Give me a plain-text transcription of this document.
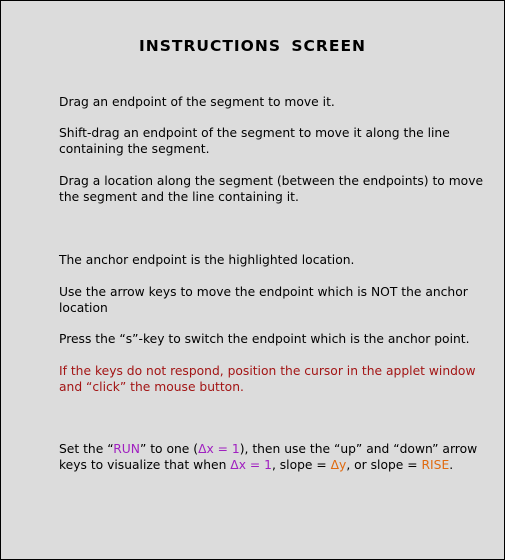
INSTRUCTIONS SCREEN
Drag an endpoint of the segment to move it.
Shift-drag an endpoint of the segment to move it along the line containing the segment.
Drag a location along the segment (between the endpoints) to move the segment and the line containing it.
The anchor endpoint is the highlighted location.
Use the arrow keys to move the endpoint which is NOT the anchor location
Press the “s”-key to switch the endpoint which is the anchor point.
If the keys do not respond, position the cursor in the applet window and “click” the mouse button.
Set the “RUN” to one (Δx = 1), then use the “up” and “down” arrow keys to visualize that when Δx = 1, slope = Δy, or slope = RISE.
